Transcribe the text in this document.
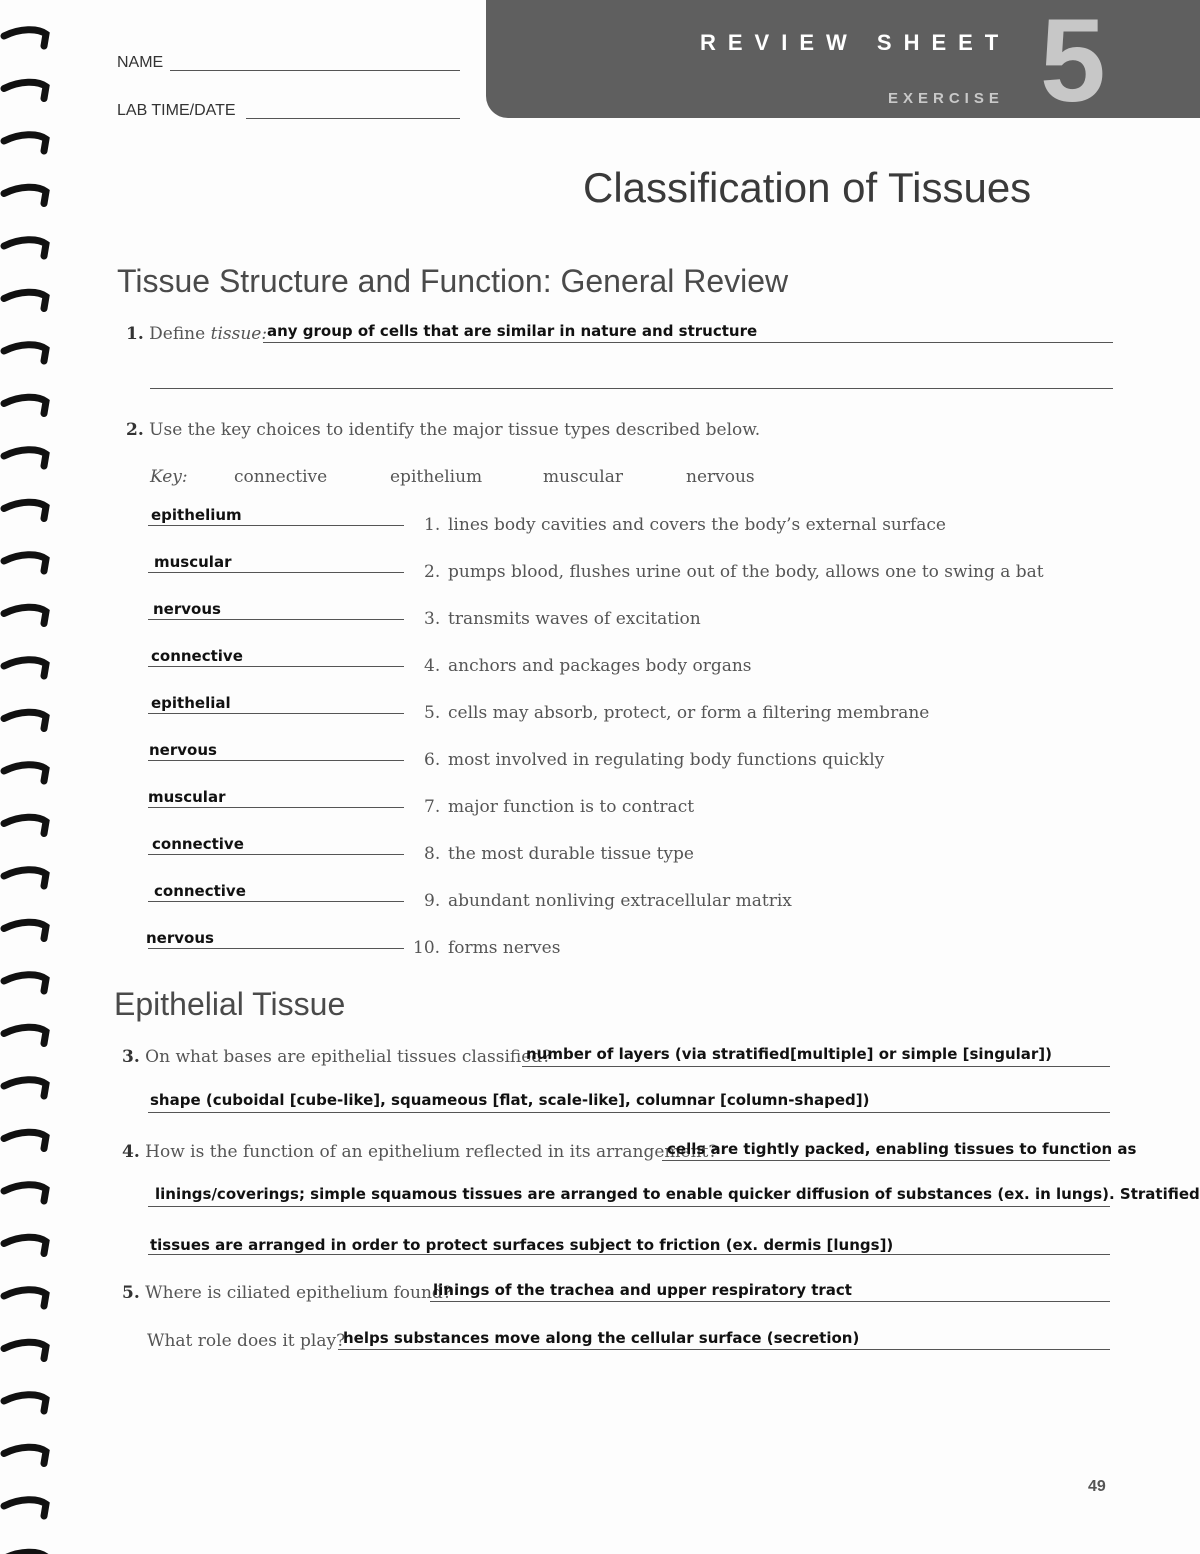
NAME
LAB TIME/DATE
REVIEW SHEET
EXERCISE 5
Classification of Tissues
Tissue Structure and Function: General Review
1. Define tissue: any group of cells that are similar in nature and structure
2. Use the key choices to identify the major tissue types described below.
Key:	connective	epithelium	muscular	nervous
epithelium	1. lines body cavities and covers the body’s external surface
muscular	2. pumps blood, flushes urine out of the body, allows one to swing a bat
nervous	3. transmits waves of excitation
connective	4. anchors and packages body organs
epithelial	5. cells may absorb, protect, or form a filtering membrane
nervous	6. most involved in regulating body functions quickly
muscular	7. major function is to contract
connective	8. the most durable tissue type
connective	9. abundant nonliving extracellular matrix
nervous	10. forms nerves
Epithelial Tissue
3. On what bases are epithelial tissues classified?
number of layers (via stratified[multiple] or simple [singular])
shape (cuboidal [cube-like], squameous [flat, scale-like], columnar [column-shaped])
4. How is the function of an epithelium reflected in its arrangement?
cells are tightly packed, enabling tissues to function as
linings/coverings; simple squamous tissues are arranged to enable quicker diffusion of substances (ex. in lungs). Stratified
tissues are arranged in order to protect surfaces subject to friction (ex. dermis [lungs])
5. Where is ciliated epithelium found?
linings of the trachea and upper respiratory tract
What role does it play?
helps substances move along the cellular surface (secretion)
49
